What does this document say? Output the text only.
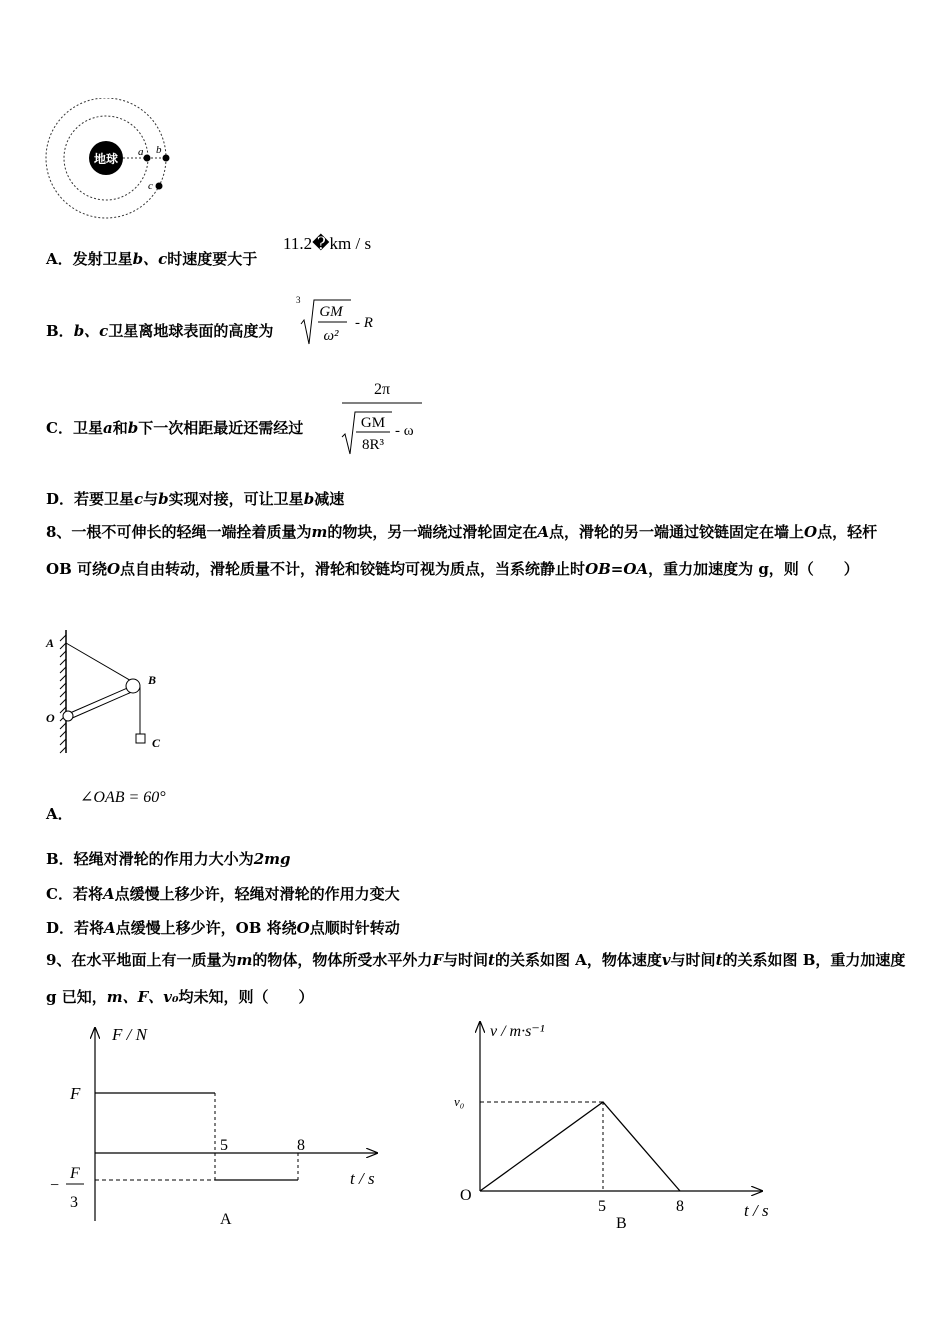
地球 a b
c
A．发射卫星b、c时速度要大于
11.2�km / s
B．b、c卫星离地球表面的高度为
3
GM
ω²
- R
C．卫星a和b下一次相距最近还需经过
2π
GM
8R³
- ω
D．若要卫星c与b实现对接，可让卫星b减速
8、一根不可伸长的轻绳一端拴着质量为m的物块，另一端绕过滑轮固定在A点，滑轮的另一端通过铰链固定在墙上O点，轻杆 OB 可绕O点自由转动，滑轮质量不计，滑轮和铰链均可视为质点，当系统静止时OB=OA，重力加速度为 g，则（　　）
A
B
O
C
A．
∠OAB = 60°
B．轻绳对滑轮的作用力大小为2mg
C．若将A点缓慢上移少许，轻绳对滑轮的作用力变大
D．若将A点缓慢上移少许，OB 将绕O点顺时针转动
9、在水平地面上有一质量为m的物体，物体所受水平外力F与时间t的关系如图 A，物体速度v与时间t的关系如图 B，重力加速度 g 已知，m、F、v₀均未知，则（　　）
F / N
t / s
F
5	8
−
F
3
A
v / m·s⁻¹
t / s
O
v₀
5	8
B
